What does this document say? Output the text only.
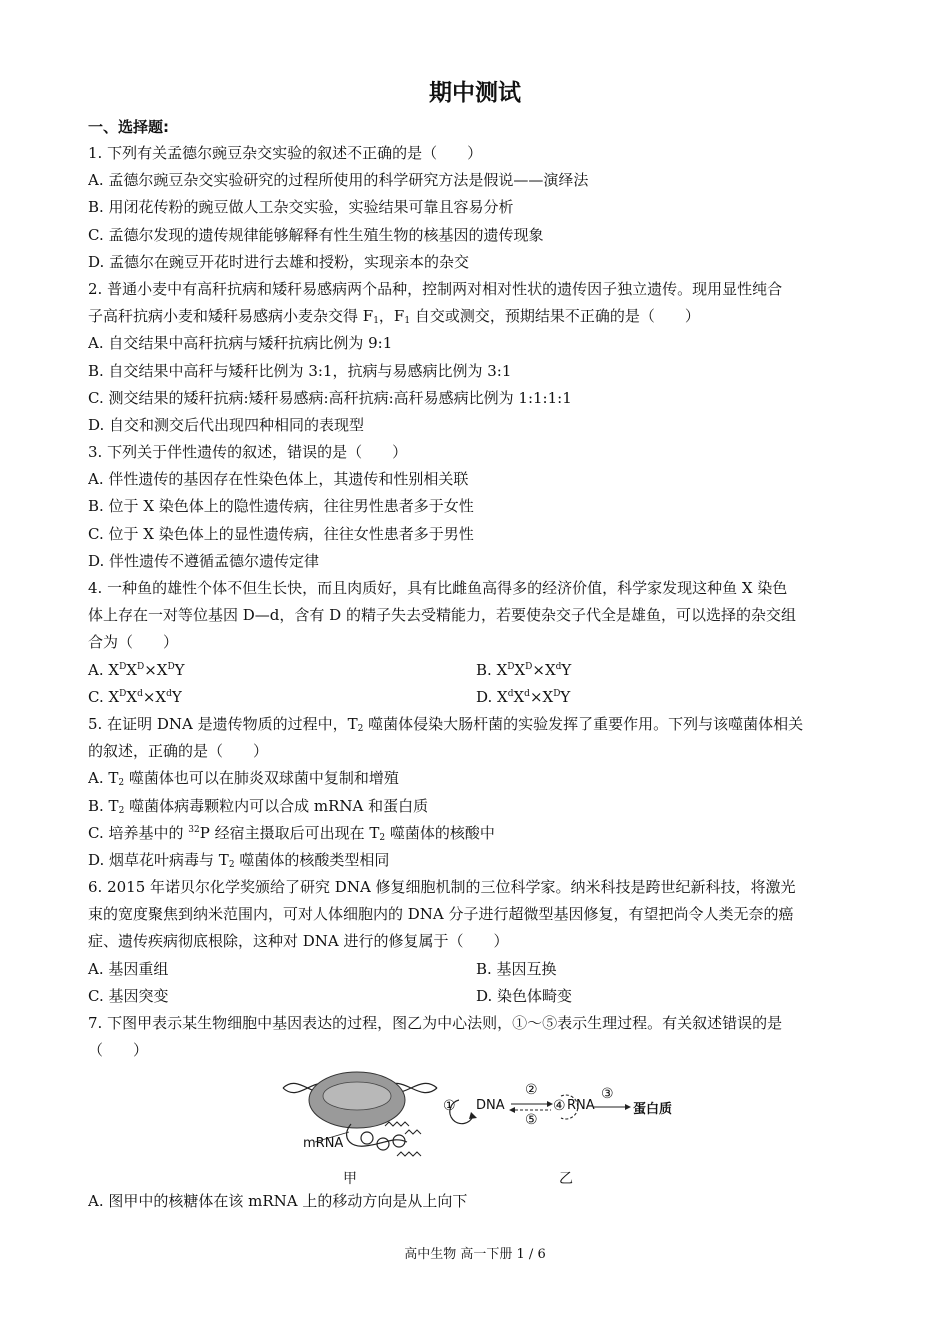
期中测试
一、选择题:
1. 下列有关孟德尔豌豆杂交实验的叙述不正确的是（　　）
A. 孟德尔豌豆杂交实验研究的过程所使用的科学研究方法是假说——演绎法
B. 用闭花传粉的豌豆做人工杂交实验，实验结果可靠且容易分析
C. 孟德尔发现的遗传规律能够解释有性生殖生物的核基因的遗传现象
D. 孟德尔在豌豆开花时进行去雄和授粉，实现亲本的杂交
2. 普通小麦中有高秆抗病和矮秆易感病两个品种，控制两对相对性状的遗传因子独立遗传。现用显性纯合
子高秆抗病小麦和矮秆易感病小麦杂交得 $F_1$，$F_1$ 自交或测交，预期结果不正确的是（　　）
A. 自交结果中高秆抗病与矮秆抗病比例为 9:1
B. 自交结果中高秆与矮秆比例为 3:1，抗病与易感病比例为 3:1
C. 测交结果的矮秆抗病:矮秆易感病:高秆抗病:高秆易感病比例为 1:1:1:1
D. 自交和测交后代出现四种相同的表现型
3. 下列关于伴性遗传的叙述，错误的是（　　）
A. 伴性遗传的基因存在性染色体上，其遗传和性别相关联
B. 位于 X 染色体上的隐性遗传病，往往男性患者多于女性
C. 位于 X 染色体上的显性遗传病，往往女性患者多于男性
D. 伴性遗传不遵循孟德尔遗传定律
4. 一种鱼的雄性个体不但生长快，而且肉质好，具有比雌鱼高得多的经济价值，科学家发现这种鱼 X 染色
体上存在一对等位基因 D—d，含有 D 的精子失去受精能力，若要使杂交子代全是雄鱼，可以选择的杂交组
合为（　　）
A. $X^DX^D\times X^DY$	B. $X^DX^D\times X^dY$
C. $X^DX^d\times X^dY$	D. $X^dX^d\times X^DY$
5. 在证明 DNA 是遗传物质的过程中，$T_2$ 噬菌体侵染大肠杆菌的实验发挥了重要作用。下列与该噬菌体相关
的叙述，正确的是（　　）
A. $T_2$ 噬菌体也可以在肺炎双球菌中复制和增殖
B. $T_2$ 噬菌体病毒颗粒内可以合成 mRNA 和蛋白质
C. 培养基中的 $^{32}$P 经宿主摄取后可出现在 $T_2$ 噬菌体的核酸中
D. 烟草花叶病毒与 $T_2$ 噬菌体的核酸类型相同
6. 2015 年诺贝尔化学奖颁给了研究 DNA 修复细胞机制的三位科学家。纳米科技是跨世纪新科技，将激光
束的宽度聚焦到纳米范围内，可对人体细胞内的 DNA 分子进行超微型基因修复，有望把尚令人类无奈的癌
症、遗传疾病彻底根除，这种对 DNA 进行的修复属于（　　）
A. 基因重组	B. 基因互换
C. 基因突变	D. 染色体畸变
7. 下图甲表示某生物细胞中基因表达的过程，图乙为中心法则，①～⑤表示生理过程。有关叙述错误的是
（　　）
mRNA
甲	乙
① DNA
②
⑤
④ RNA
③
蛋白质
A. 图甲中的核糖体在该 mRNA 上的移动方向是从上向下
高中生物 高一下册 1 / 6
